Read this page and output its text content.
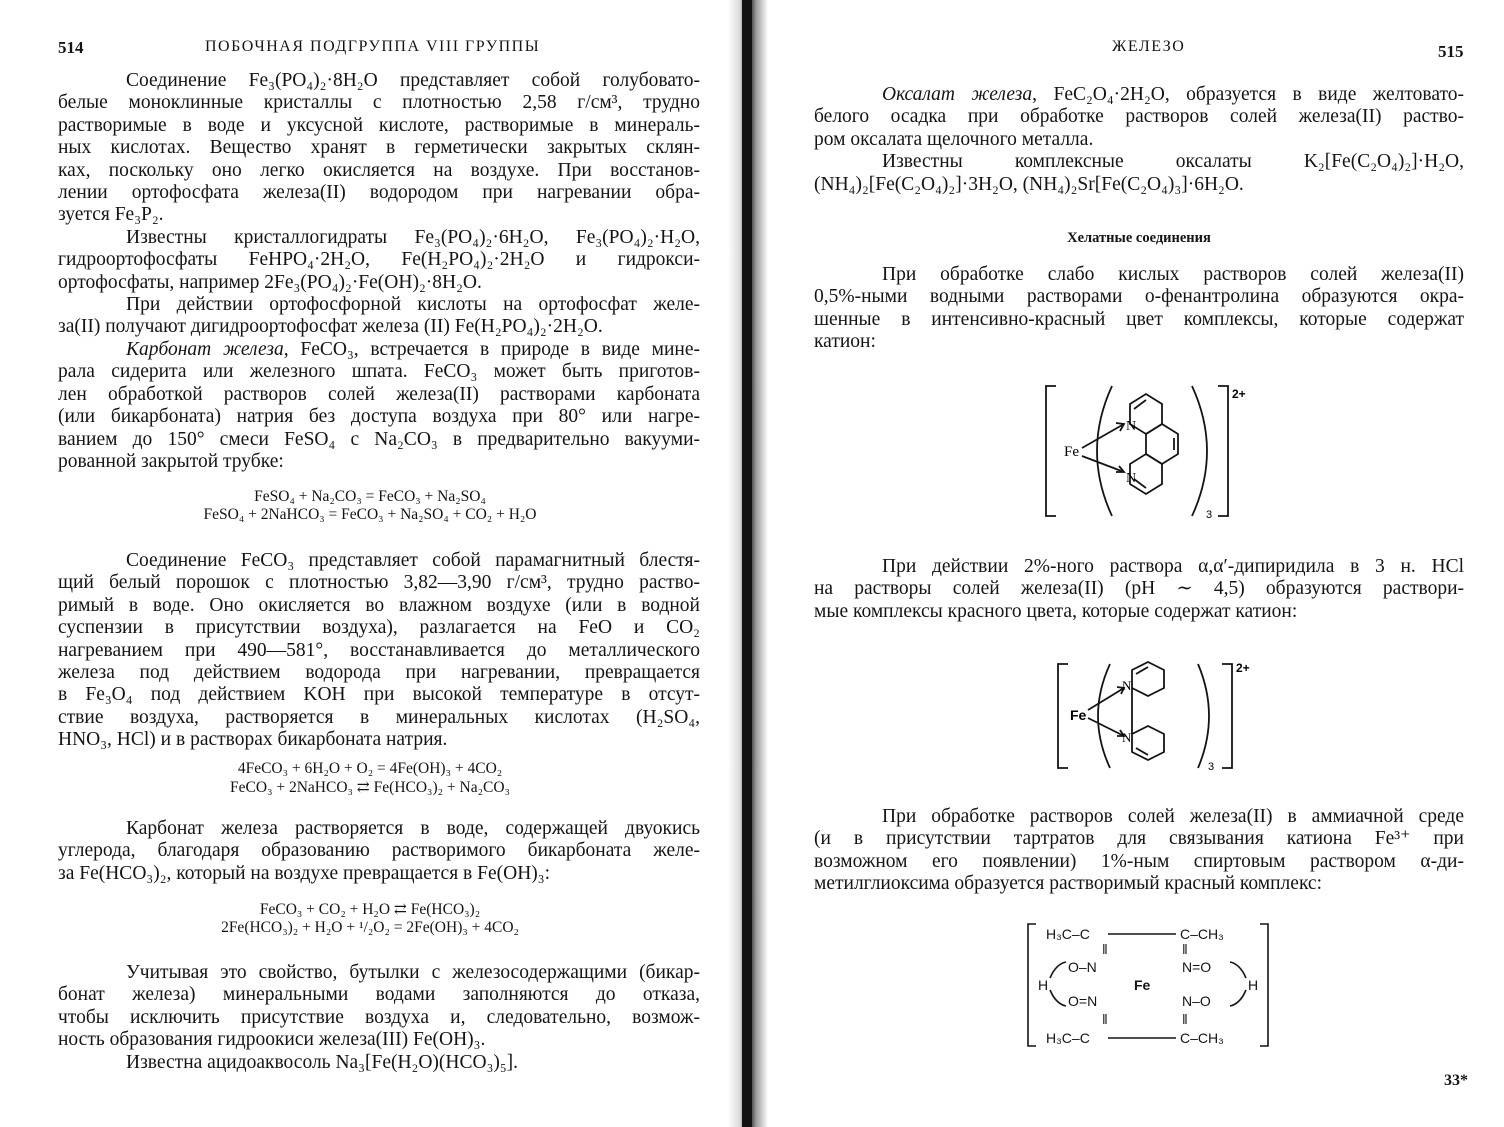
514	ПОБОЧНАЯ ПОДГРУППА VIII ГРУППЫ
Соединение Fe₃(PO₄)₂·8H₂O представляет собой голубовато-
белые моноклинные кристаллы с плотностью 2,58 г/см³, трудно
растворимые в воде и уксусной кислоте, растворимые в минераль-
ных кислотах. Вещество хранят в герметически закрытых склян-
ках, поскольку оно легко окисляется на воздухе. При восстанов-
лении ортофосфата железа(II) водородом при нагревании обра-
зуется Fe₃P₂.
Известны кристаллогидраты Fe₃(PO₄)₂·6H₂O, Fe₃(PO₄)₂·H₂O,
гидроортофосфаты FeHPO₄·2H₂O, Fe(H₂PO₄)₂·2H₂O и гидрокси-
ортофосфаты, например 2Fe₃(PO₄)₂·Fe(OH)₂·8H₂O.
При действии ортофосфорной кислоты на ортофосфат желе-
за(II) получают дигидроортофосфат железа (II) Fe(H₂PO₄)₂·2H₂O.
Карбонат железа, FeCO₃, встречается в природе в виде мине-
рала сидерита или железного шпата. FeCO₃ может быть приготов-
лен обработкой растворов солей железа(II) растворами карбоната
(или бикарбоната) натрия без доступа воздуха при 80° или нагре-
ванием до 150° смеси FeSO₄ с Na₂CO₃ в предварительно вакууми-
рованной закрытой трубке:
FeSO₄ + Na₂CO₃ = FeCO₃ + Na₂SO₄
FeSO₄ + 2NaHCO₃ = FeCO₃ + Na₂SO₄ + CO₂ + H₂O
Соединение FeCO₃ представляет собой парамагнитный блестя-
щий белый порошок с плотностью 3,82—3,90 г/см³, трудно раство-
римый в воде. Оно окисляется во влажном воздухе (или в водной
суспензии в присутствии воздуха), разлагается на FeO и CO₂
нагреванием при 490—581°, восстанавливается до металлического
железа под действием водорода при нагревании, превращается
в Fe₃O₄ под действием KOH при высокой температуре в отсут-
ствие воздуха, растворяется в минеральных кислотах (H₂SO₄,
HNO₃, HCl) и в растворах бикарбоната натрия.
4FeCO₃ + 6H₂O + O₂ = 4Fe(OH)₃ + 4CO₂
FeCO₃ + 2NaHCO₃ ⇄ Fe(HCO₃)₂ + Na₂CO₃
Карбонат железа растворяется в воде, содержащей двуокись
углерода, благодаря образованию растворимого бикарбоната желе-
за Fe(HCO₃)₂, который на воздухе превращается в Fe(OH)₃:
FeCO₃ + CO₂ + H₂O ⇄ Fe(HCO₃)₂
2Fe(HCO₃)₂ + H₂O + ¹/₂O₂ = 2Fe(OH)₃ + 4CO₂
Учитывая это свойство, бутылки с железосодержащими (бикар-
бонат железа) минеральными водами заполняются до отказа,
чтобы исключить присутствие воздуха и, следовательно, возмож-
ность образования гидроокиси железа(III) Fe(OH)₃.
Известна ацидоаквосоль Na₃[Fe(H₂O)(HCO₃)₅].
ЖЕЛЕЗО	515
Оксалат железа, FeC₂O₄·2H₂O, образуется в виде желтовато-
белого осадка при обработке растворов солей железа(II) раство-
ром оксалата щелочного металла.
Известны комплексные оксалаты K₂[Fe(C₂O₄)₂]·H₂O,
(NH₄)₂[Fe(C₂O₄)₂]·3H₂O, (NH₄)₂Sr[Fe(C₂O₄)₃]·6H₂O.
Хелатные соединения
При обработке слабо кислых растворов солей железа(II)
0,5%-ными водными растворами о-фенантролина образуются окра-
шенные в интенсивно-красный цвет комплексы, которые содержат
катион:
Fe
N
N
2+
3
При действии 2%-ного раствора α,α′-дипиридила в 3 н. HCl
на растворы солей железа(II) (pH ∼ 4,5) образуются раствори-
мые комплексы красного цвета, которые содержат катион:
Fe
N
N
2+
3
При обработке растворов солей железа(II) в аммиачной среде
(и в присутствии тартратов для связывания катиона Fe³⁺ при
возможном его появлении) 1%-ным спиртовым раствором α-ди-
метилглиоксима образуется растворимый красный комплекс:
H₃C–C	C–CH₃
‖	‖
O–N	N=O
H	H
Fe
O=N	N–O
‖	‖
H₃C–C	C–CH₃
33*
